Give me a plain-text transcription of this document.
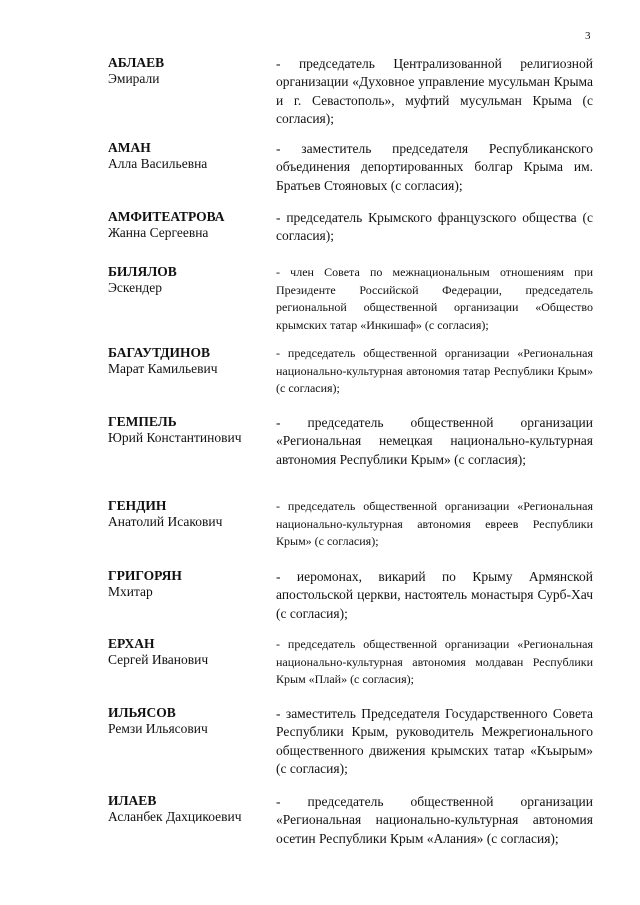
3
АБЛАЕВ
Эмирали
- председатель Централизованной религиозной организации «Духовное управление мусульман Крыма и г. Севастополь», муфтий мусульман Крыма (с согласия);
АМАН
Алла Васильевна
- заместитель председателя Республиканского объединения депортированных болгар Крыма им. Братьев Стояновых (с согласия);
АМФИТЕАТРОВА
Жанна Сергеевна
- председатель Крымского французского общества (с согласия);
БИЛЯЛОВ
Эскендер
- член Совета по межнациональным отношениям при Президенте Российской Федерации, председатель региональной общественной организации «Общество крымских татар «Инкишаф» (с согласия);
БАГАУТДИНОВ
Марат Камильевич
- председатель общественной организации «Региональная национально-культурная автономия татар Республики Крым» (с согласия);
ГЕМПЕЛЬ
Юрий Константинович
- председатель общественной организации «Региональная немецкая национально-культурная автономия Республики Крым» (с согласия);
ГЕНДИН
Анатолий Исакович
- председатель общественной организации «Региональная национально-культурная автономия евреев Республики Крым» (с согласия);
ГРИГОРЯН
Мхитар
- иеромонах, викарий по Крыму Армянской апостольской церкви, настоятель монастыря Сурб-Хач (с согласия);
ЕРХАН
Сергей Иванович
- председатель общественной организации «Региональная национально-культурная автономия молдаван Республики Крым «Плай» (с согласия);
ИЛЬЯСОВ
Ремзи Ильясович
- заместитель Председателя Государственного Совета Республики Крым, руководитель Межрегионального общественного движения крымских татар «Къырым» (с согласия);
ИЛАЕВ
Асланбек Дахцикоевич
- председатель общественной организации «Региональная национально-культурная автономия осетин Республики Крым «Алания» (с согласия);
